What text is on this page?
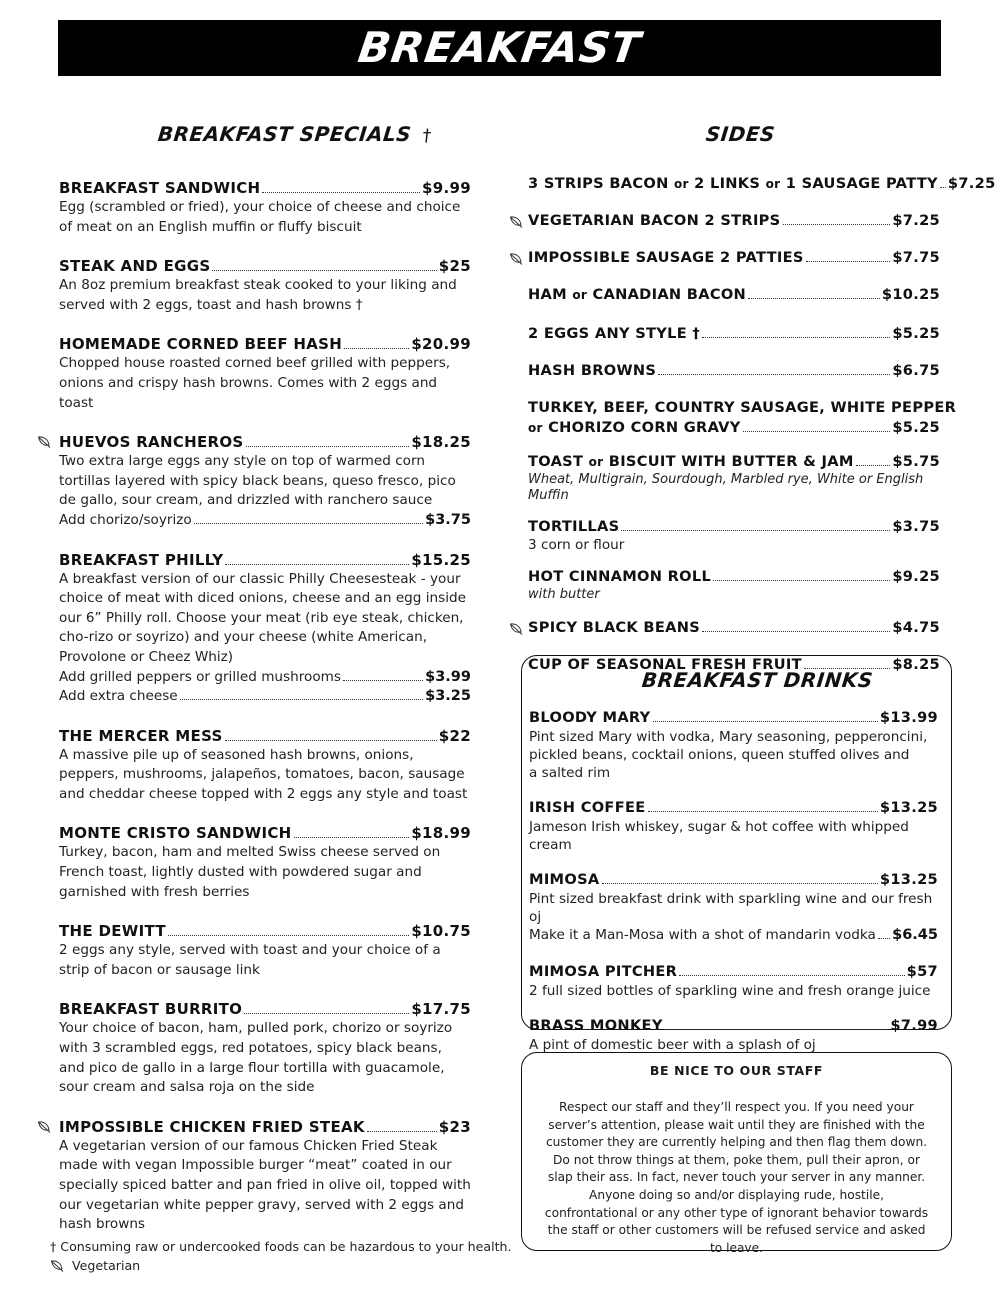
BREAKFAST
BREAKFAST SPECIALS †
BREAKFAST SANDWICH	$9.99
Egg (scrambled or fried), your choice of cheese and choice of meat on an English muffin or fluffy biscuit
STEAK AND EGGS	$25
An 8oz premium breakfast steak cooked to your liking and served with 2 eggs, toast and hash browns †
HOMEMADE CORNED BEEF HASH	$20.99
Chopped house roasted corned beef grilled with peppers, onions and crispy hash browns. Comes with 2 eggs and toast
HUEVOS RANCHEROS	$18.25
Two extra large eggs any style on top of warmed corn tortillas layered with spicy black beans, queso fresco, pico de gallo, sour cream, and drizzled with ranchero sauce
Add chorizo/soyrizo	$3.75
BREAKFAST PHILLY	$15.25
A breakfast version of our classic Philly Cheesesteak - your choice of meat with diced onions, cheese and an egg inside our 6” Philly roll. Choose your meat (rib eye steak, chicken, cho-rizo or soyrizo) and your cheese (white American, Provolone or Cheez Whiz)
Add grilled peppers or grilled mushrooms	$3.99
Add extra cheese	$3.25
THE MERCER MESS	$22
A massive pile up of seasoned hash browns, onions, peppers, mushrooms, jalapeños, tomatoes, bacon, sausage and cheddar cheese topped with 2 eggs any style and toast
MONTE CRISTO SANDWICH	$18.99
Turkey, bacon, ham and melted Swiss cheese served on French toast, lightly dusted with powdered sugar and garnished with fresh berries
THE DEWITT	$10.75
2 eggs any style, served with toast and your choice of a strip of bacon or sausage link
BREAKFAST BURRITO	$17.75
Your choice of bacon, ham, pulled pork, chorizo or soyrizo with 3 scrambled eggs, red potatoes, spicy black beans, and pico de gallo in a large flour tortilla with guacamole, sour cream and salsa roja on the side
IMPOSSIBLE CHICKEN FRIED STEAK	$23
A vegetarian version of our famous Chicken Fried Steak made with vegan Impossible burger “meat” coated in our specially spiced batter and pan fried in olive oil, topped with our vegetarian white pepper gravy, served with 2 eggs and hash browns
SIDES
3 STRIPS BACON or 2 LINKS or 1 SAUSAGE PATTY $7.25
VEGETARIAN BACON 2 STRIPS	$7.25
IMPOSSIBLE SAUSAGE 2 PATTIES	$7.75
HAM or CANADIAN BACON	$10.25
2 EGGS ANY STYLE †	$5.25
HASH BROWNS	$6.75
TURKEY, BEEF, COUNTRY SAUSAGE, WHITE PEPPER
or CHORIZO CORN GRAVY	$5.25
TOAST or BISCUIT WITH BUTTER & JAM	$5.75
Wheat, Multigrain, Sourdough, Marbled rye, White or English Muffin
TORTILLAS	$3.75
3 corn or flour
HOT CINNAMON ROLL	$9.25
with butter
SPICY BLACK BEANS	$4.75
CUP OF SEASONAL FRESH FRUIT	$8.25
BREAKFAST DRINKS
BLOODY MARY	$13.99
Pint sized Mary with vodka, Mary seasoning, pepperoncini,
pickled beans, cocktail onions, queen stuffed olives and
a salted rim
IRISH COFFEE	$13.25
Jameson Irish whiskey, sugar & hot coffee with whipped cream
MIMOSA	$13.25
Pint sized breakfast drink with sparkling wine and our fresh oj
Make it a Man-Mosa with a shot of mandarin vodka $6.45
MIMOSA PITCHER	$57
2 full sized bottles of sparkling wine and fresh orange juice
BRASS MONKEY	$7.99
A pint of domestic beer with a splash of oj
BE NICE TO OUR STAFF
Respect our staff and they’ll respect you. If you need your server’s attention, please wait until they are finished with the customer they are currently helping and then flag them down. Do not throw things at them, poke them, pull their apron, or slap their ass. In fact, never touch your server in any manner. Anyone doing so and/or displaying rude, hostile, confrontational or any other type of ignorant behavior towards the staff or other customers will be refused service and asked to leave.
† Consuming raw or undercooked foods can be hazardous to your health.
Vegetarian
